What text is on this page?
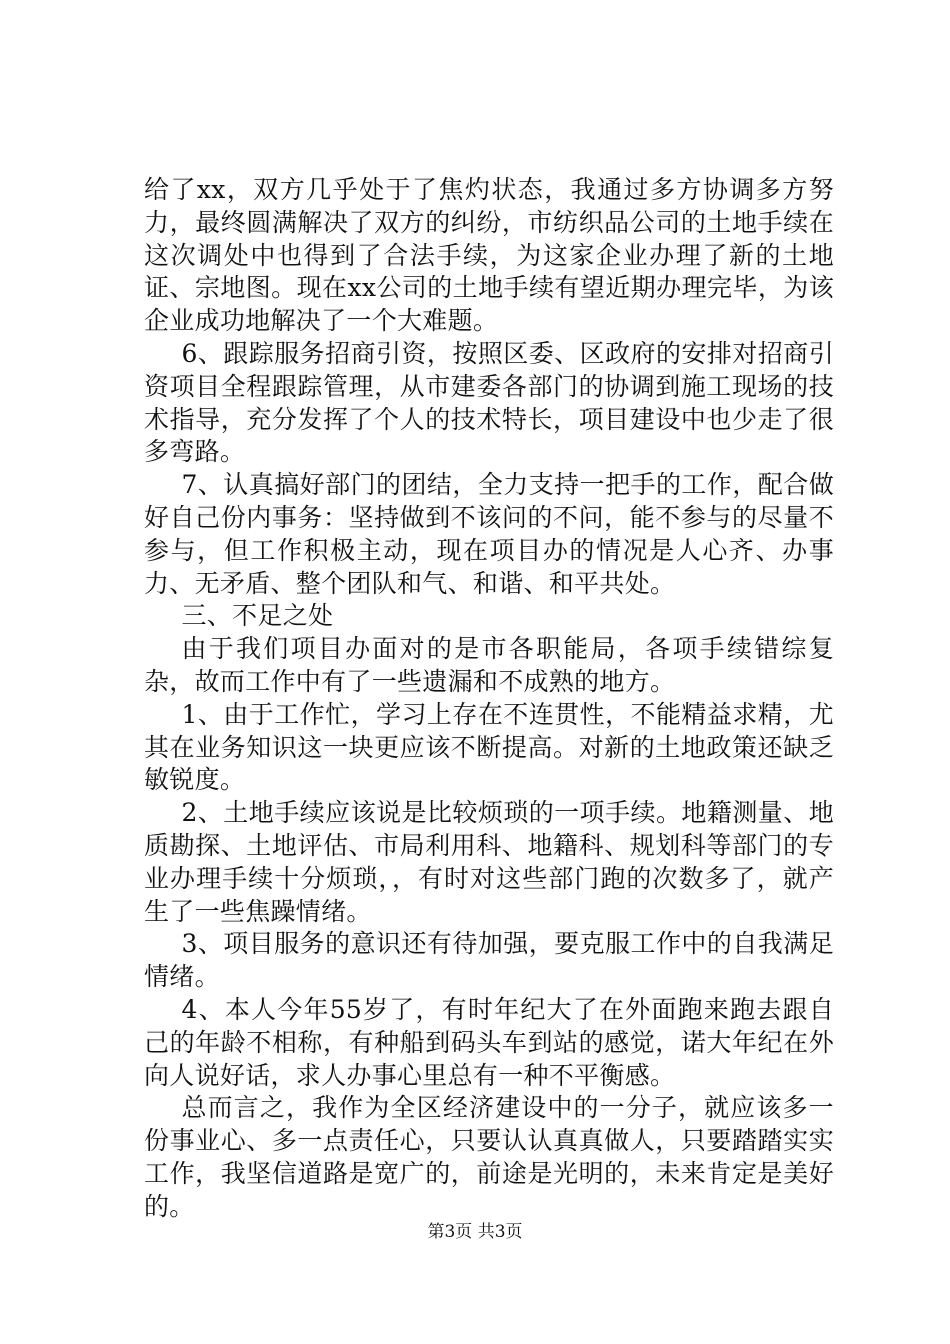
给了xx，双方几乎处于了焦灼状态，我通过多方协调多方努力，最终圆满解决了双方的纠纷，市纺织品公司的土地手续在这次调处中也得到了合法手续，为这家企业办理了新的土地证、宗地图。现在xx公司的土地手续有望近期办理完毕，为该企业成功地解决了一个大难题。

6、跟踪服务招商引资，按照区委、区政府的安排对招商引资项目全程跟踪管理，从市建委各部门的协调到施工现场的技术指导，充分发挥了个人的技术特长，项目建设中也少走了很多弯路。

7、认真搞好部门的团结，全力支持一把手的工作，配合做好自己份内事务：坚持做到不该问的不问，能不参与的尽量不参与，但工作积极主动，现在项目办的情况是人心齐、办事力、无矛盾、整个团队和气、和谐、和平共处。

三、不足之处

由于我们项目办面对的是市各职能局，各项手续错综复杂，故而工作中有了一些遗漏和不成熟的地方。

1、由于工作忙，学习上存在不连贯性，不能精益求精，尤其在业务知识这一块更应该不断提高。对新的土地政策还缺乏敏锐度。

2、土地手续应该说是比较烦琐的一项手续。地籍测量、地质勘探、土地评估、市局利用科、地籍科、规划科等部门的专业办理手续十分烦琐，，有时对这些部门跑的次数多了，就产生了一些焦躁情绪。

3、项目服务的意识还有待加强，要克服工作中的自我满足情绪。

4、本人今年55岁了，有时年纪大了在外面跑来跑去跟自己的年龄不相称，有种船到码头车到站的感觉，诺大年纪在外向人说好话，求人办事心里总有一种不平衡感。

总而言之，我作为全区经济建设中的一分子，就应该多一份事业心、多一点责任心，只要认认真真做人，只要踏踏实实工作，我坚信道路是宽广的，前途是光明的，未来肯定是美好的。

第3页 共3页
